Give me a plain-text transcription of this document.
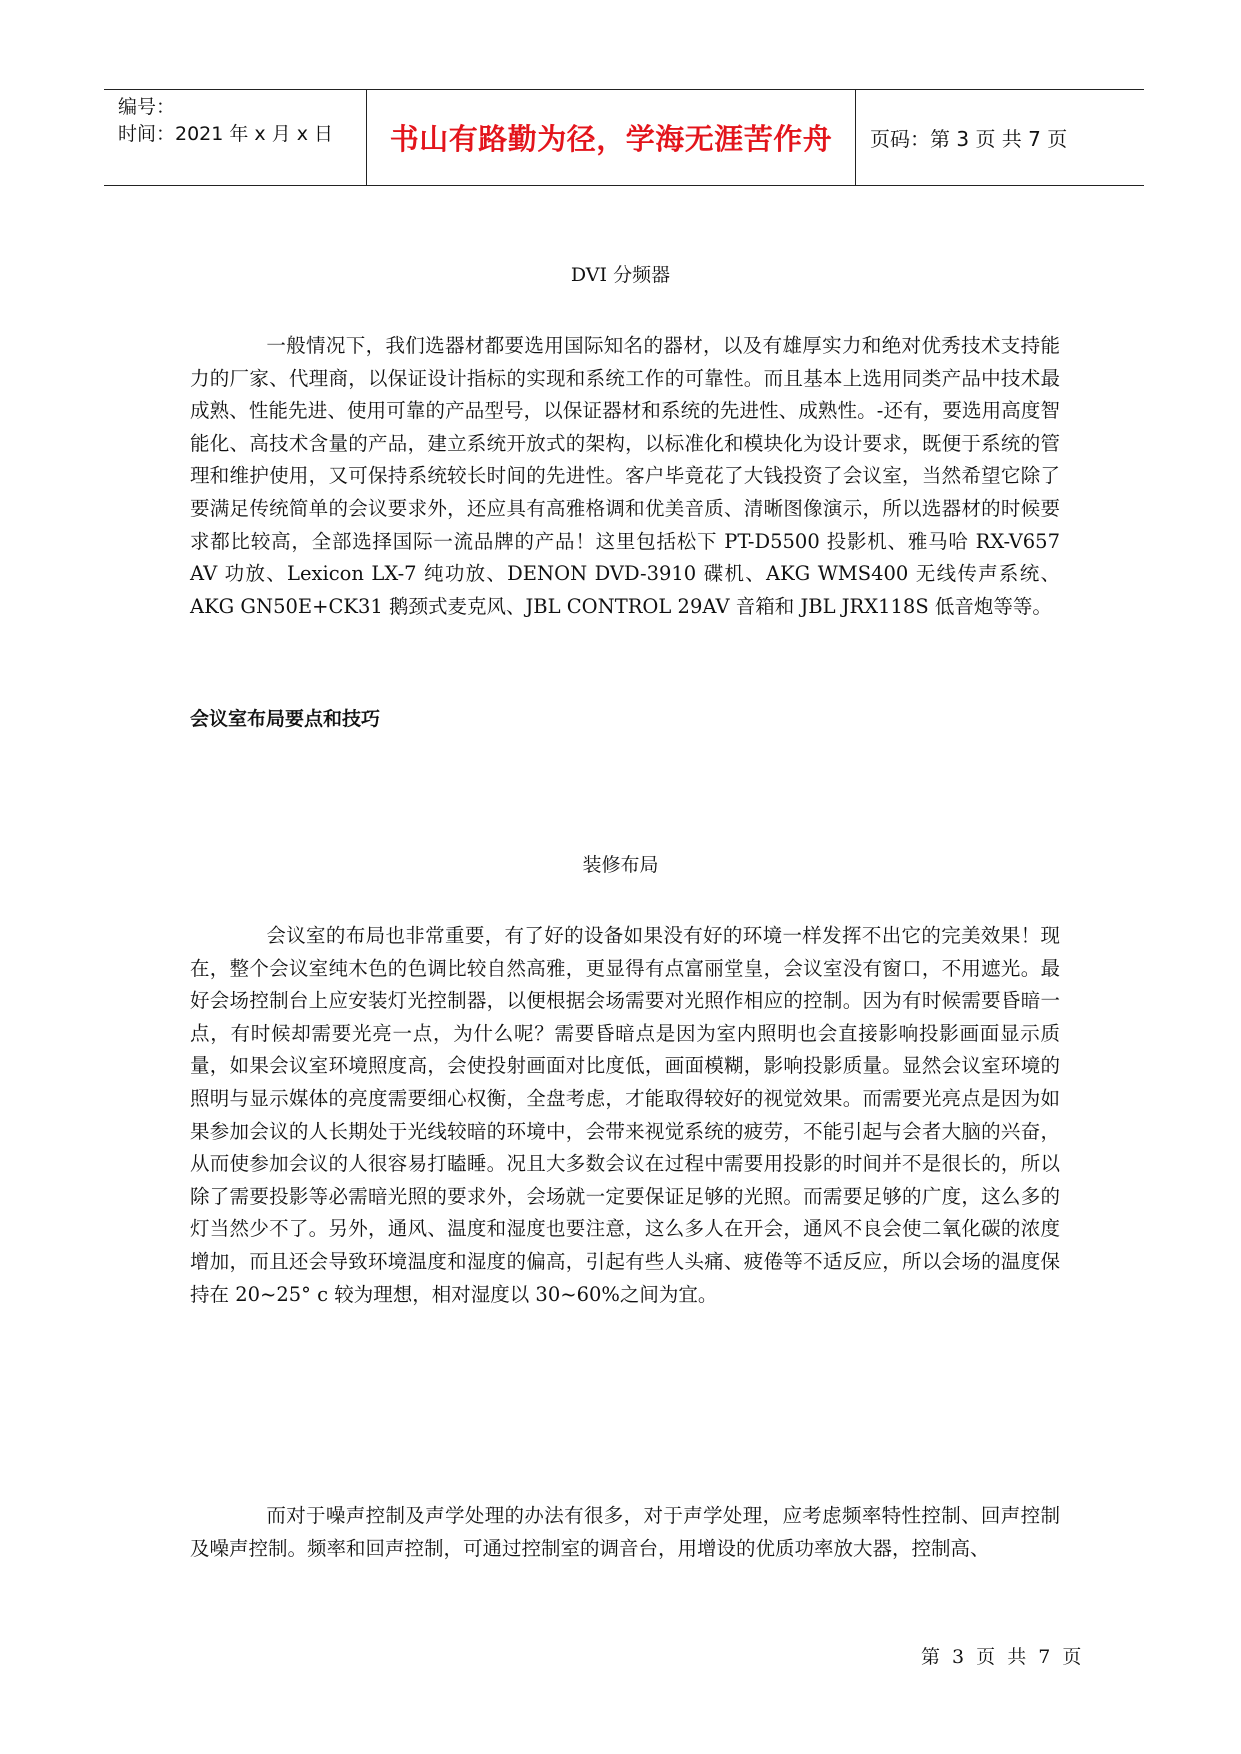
编号：
时间：2021 年 x 月 x 日	书山有路勤为径，学海无涯苦作舟	页码：第 3 页 共 7 页
DVI 分频器

一般情况下，我们选器材都要选用国际知名的器材，以及有雄厚实力和绝对优秀技术支持能力的厂家、代理商，以保证设计指标的实现和系统工作的可靠性。而且基本上选用同类产品中技术最成熟、性能先进、使用可靠的产品型号，以保证器材和系统的先进性、成熟性。-还有，要选用高度智能化、高技术含量的产品，建立系统开放式的架构，以标准化和模块化为设计要求，既便于系统的管理和维护使用，又可保持系统较长时间的先进性。客户毕竟花了大钱投资了会议室，当然希望它除了要满足传统简单的会议要求外，还应具有高雅格调和优美音质、清晰图像演示，所以选器材的时候要求都比较高，全部选择国际一流品牌的产品！这里包括松下 PT-D5500 投影机、雅马哈 RX-V657 AV 功放、Lexicon LX-7 纯功放、DENON DVD-3910 碟机、AKG WMS400 无线传声系统、AKG GN50E+CK31 鹅颈式麦克风、JBL CONTROL 29AV 音箱和 JBL JRX118S 低音炮等等。

会议室布局要点和技巧
装修布局

会议室的布局也非常重要，有了好的设备如果没有好的环境一样发挥不出它的完美效果！现在，整个会议室纯木色的色调比较自然高雅，更显得有点富丽堂皇，会议室没有窗口，不用遮光。最好会场控制台上应安装灯光控制器，以便根据会场需要对光照作相应的控制。因为有时候需要昏暗一点，有时候却需要光亮一点，为什么呢？需要昏暗点是因为室内照明也会直接影响投影画面显示质量，如果会议室环境照度高，会使投射画面对比度低，画面模糊，影响投影质量。显然会议室环境的照明与显示媒体的亮度需要细心权衡，全盘考虑，才能取得较好的视觉效果。而需要光亮点是因为如果参加会议的人长期处于光线较暗的环境中，会带来视觉系统的疲劳，不能引起与会者大脑的兴奋，从而使参加会议的人很容易打瞌睡。况且大多数会议在过程中需要用投影的时间并不是很长的，所以除了需要投影等必需暗光照的要求外，会场就一定要保证足够的光照。而需要足够的广度，这么多的灯当然少不了。另外，通风、温度和湿度也要注意，这么多人在开会，通风不良会使二氧化碳的浓度增加，而且还会导致环境温度和湿度的偏高，引起有些人头痛、疲倦等不适反应，所以会场的温度保持在 20~25° c 较为理想，相对湿度以 30~60%之间为宜。

而对于噪声控制及声学处理的办法有很多，对于声学处理，应考虑频率特性控制、回声控制及噪声控制。频率和回声控制，可通过控制室的调音台，用增设的优质功率放大器，控制高、

第 3 页 共 7 页
